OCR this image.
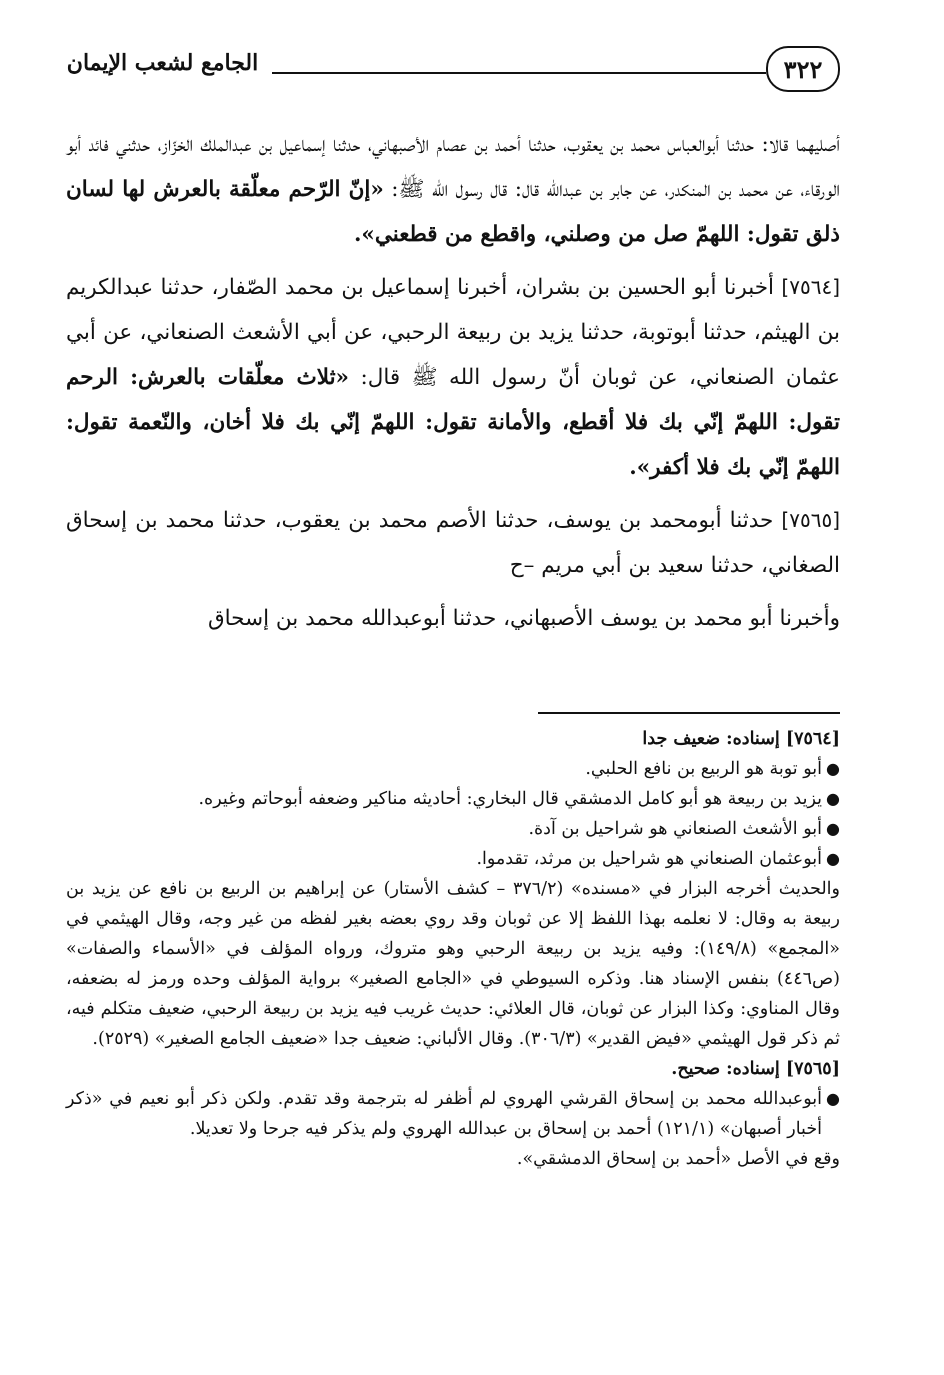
٣٢٢
الجامع لشعب الإيمان

أصليهما قالا: حدثنا أبوالعباس محمد بن يعقوب، حدثنا أحمد بن عصام الأصبهاني، حدثنا إسماعيل بن عبدالملك الخزّاز، حدثني فائد أبو الورقاء، عن محمد بن المنكدر، عن جابر بن عبدالله قال: قال رسول الله ﷺ: «إنّ الرّحم معلّقة بالعرش لها لسان ذلق تقول: اللهمّ صل من وصلني، واقطع من قطعني».

[٧٥٦٤] أخبرنا أبو الحسين بن بشران، أخبرنا إسماعيل بن محمد الصّفار، حدثنا عبدالكريم بن الهيثم، حدثنا أبوتوبة، حدثنا يزيد بن ربيعة الرحبي، عن أبي الأشعث الصنعاني، عن أبي عثمان الصنعاني، عن ثوبان أنّ رسول الله ﷺ قال: «ثلاث معلّقات بالعرش: الرحم تقول: اللهمّ إنّي بك فلا أقطع، والأمانة تقول: اللهمّ إنّي بك فلا أخان، والنّعمة تقول: اللهمّ إنّي بك فلا أكفر».

[٧٥٦٥] حدثنا أبومحمد بن يوسف، حدثنا الأصم محمد بن يعقوب، حدثنا محمد بن إسحاق الصغاني، حدثنا سعيد بن أبي مريم –ح

وأخبرنا أبو محمد بن يوسف الأصبهاني، حدثنا أبوعبدالله محمد بن إسحاق

[٧٥٦٤] إسناده: ضعيف جدا

●
أبو توبة هو الربيع بن نافع الحلبي.
●
يزيد بن ربيعة هو أبو كامل الدمشقي قال البخاري: أحاديثه مناكير وضعفه أبوحاتم وغيره.
●
أبو الأشعث الصنعاني هو شراحيل بن آدة.
●
أبوعثمان الصنعاني هو شراحيل بن مرثد، تقدموا.

والحديث أخرجه البزار في «مسنده» (٣٧٦/٢ – كشف الأستار) عن إبراهيم بن الربيع بن نافع عن يزيد بن ربيعة به وقال: لا نعلمه بهذا اللفظ إلا عن ثوبان وقد روي بعضه بغير لفظه من غير وجه، وقال الهيثمي في «المجمع» (١٤٩/٨): وفيه يزيد بن ربيعة الرحبي وهو متروك، ورواه المؤلف في «الأسماء والصفات» (ص٤٤٦) بنفس الإسناد هنا. وذكره السيوطي في «الجامع الصغير» برواية المؤلف وحده ورمز له بضعفه، وقال المناوي: وكذا البزار عن ثوبان، قال العلائي: حديث غريب فيه يزيد بن ربيعة الرحبي، ضعيف متكلم فيه، ثم ذكر قول الهيثمي «فيض القدير» (٣٠٦/٣). وقال الألباني: ضعيف جدا «ضعيف الجامع الصغير» (٢٥٢٩).

[٧٥٦٥] إسناده: صحيح.

●
أبوعبدالله محمد بن إسحاق القرشي الهروي لم أظفر له بترجمة وقد تقدم. ولكن ذكر أبو نعيم في «ذكر أخبار أصبهان» (١٢١/١) أحمد بن إسحاق بن عبدالله الهروي ولم يذكر فيه جرحا ولا تعديلا.

وقع في الأصل «أحمد بن إسحاق الدمشقي».
